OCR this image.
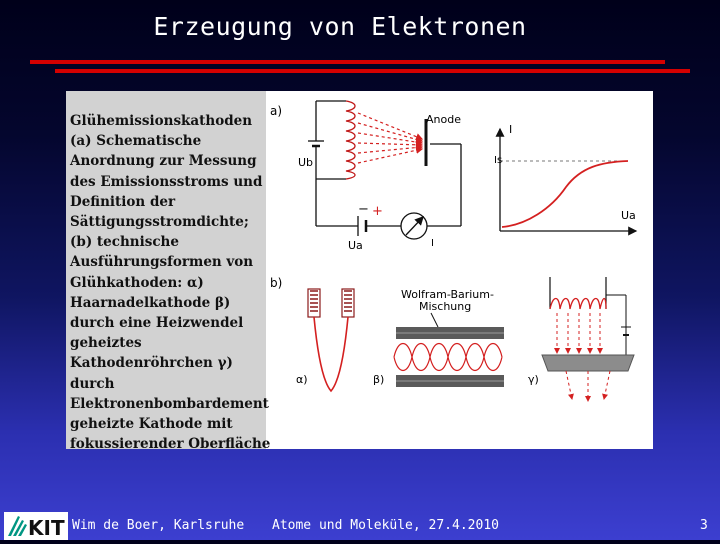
Erzeugung von Elektronen
Glühemissionskathoden
(a) Schematische
Anordnung zur Messung
des Emissionsstroms und
Definition der
Sättigungsstromdichte;
(b) technische
Ausführungsformen von
Glühkathoden: α)
Haarnadelkathode β)
durch eine Heizwendel
geheiztes
Kathodenröhrchen γ)
durch
Elektronenbombardement
geheizte Kathode mit
fokussierender Oberfläche
a)
Anode
Ub
Ua
− +
I
I
Is
Ua
b)
α)
Wolfram-Barium-
Mischung
β)	γ)
KIT Wim de Boer, Karlsruhe Atome und Moleküle, 27.4.2010	3
